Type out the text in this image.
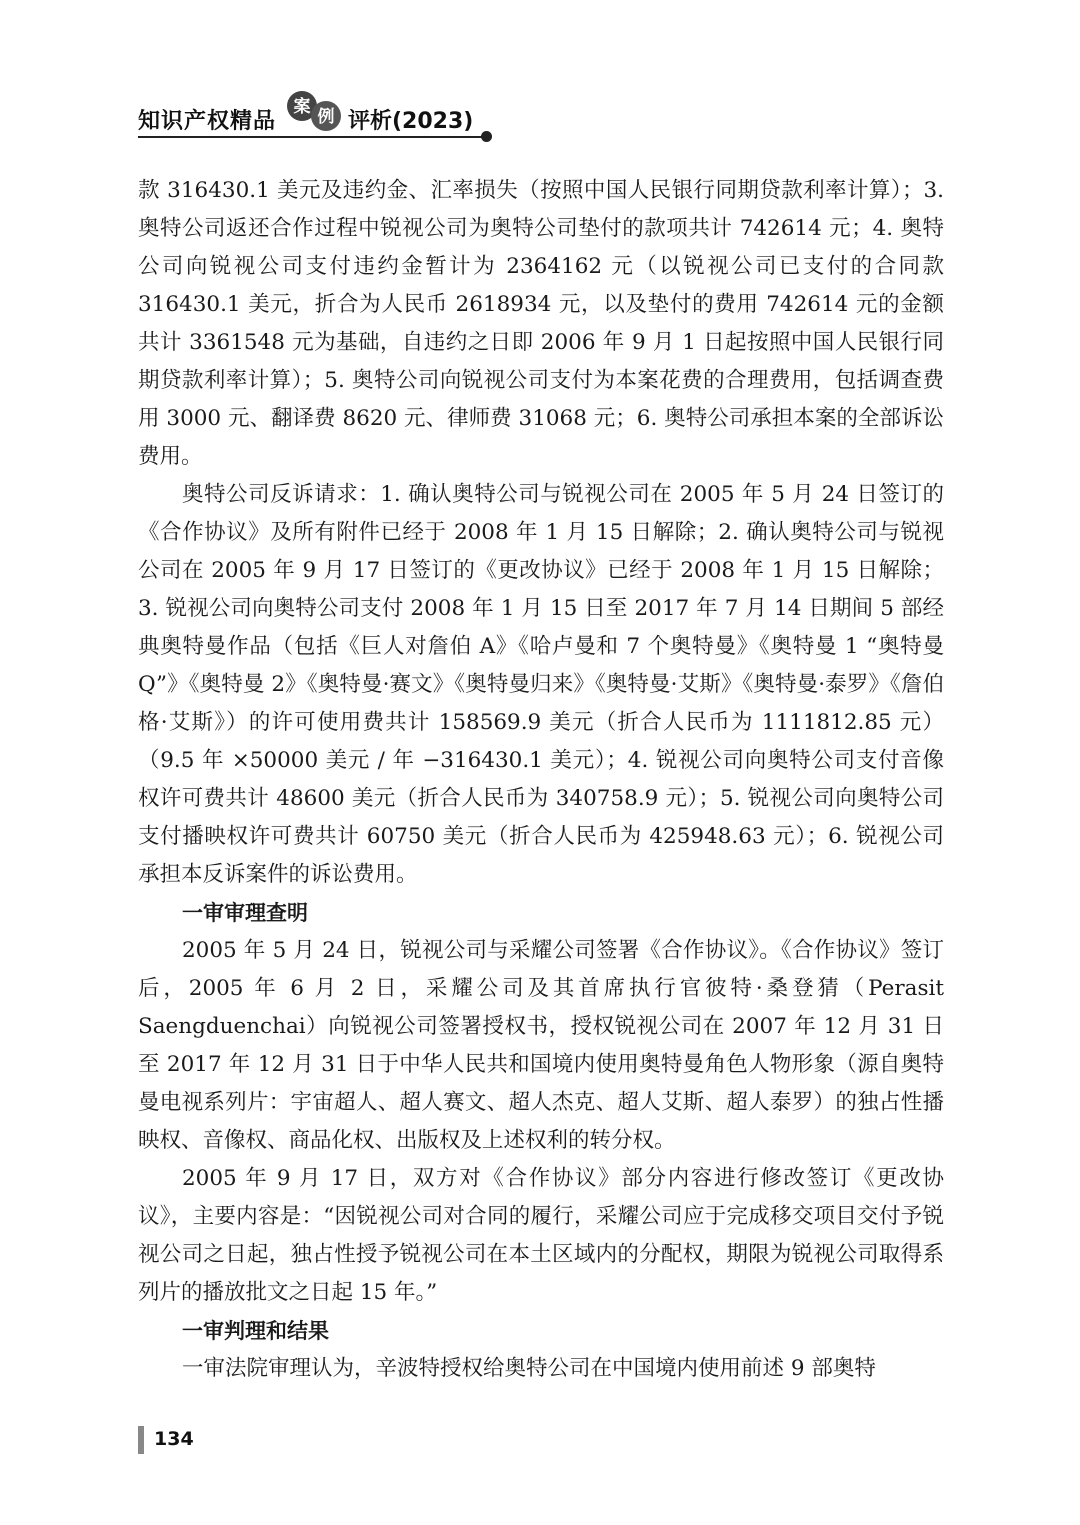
知识产权精品
案 例 评析(2023)

款 316430.1 美元及违约金、汇率损失（按照中国人民银行同期贷款利率计算）；3. 奥特公司返还合作过程中锐视公司为奥特公司垫付的款项共计 742614 元；4. 奥特公司向锐视公司支付违约金暂计为 2364162 元（以锐视公司已支付的合同款 316430.1 美元，折合为人民币 2618934 元，以及垫付的费用 742614 元的金额共计 3361548 元为基础，自违约之日即 2006 年 9 月 1 日起按照中国人民银行同期贷款利率计算）；5. 奥特公司向锐视公司支付为本案花费的合理费用，包括调查费用 3000 元、翻译费 8620 元、律师费 31068 元；6. 奥特公司承担本案的全部诉讼费用。

奥特公司反诉请求：1. 确认奥特公司与锐视公司在 2005 年 5 月 24 日签订的《合作协议》及所有附件已经于 2008 年 1 月 15 日解除；2. 确认奥特公司与锐视公司在 2005 年 9 月 17 日签订的《更改协议》已经于 2008 年 1 月 15 日解除；3. 锐视公司向奥特公司支付 2008 年 1 月 15 日至 2017 年 7 月 14 日期间 5 部经典奥特曼作品（包括《巨人对詹伯 A》《哈卢曼和 7 个奥特曼》《奥特曼 1 “奥特曼 Q”》《奥特曼 2》《奥特曼·赛文》《奥特曼归来》《奥特曼·艾斯》《奥特曼·泰罗》《詹伯格·艾斯》）的许可使用费共计 158569.9 美元（折合人民币为 1111812.85 元）（9.5 年 ×50000 美元 / 年 −316430.1 美元）；4. 锐视公司向奥特公司支付音像权许可费共计 48600 美元（折合人民币为 340758.9 元）；5. 锐视公司向奥特公司支付播映权许可费共计 60750 美元（折合人民币为 425948.63 元）；6. 锐视公司承担本反诉案件的诉讼费用。

一审审理查明

2005 年 5 月 24 日，锐视公司与采耀公司签署《合作协议》。《合作协议》签订后，2005 年 6 月 2 日，采耀公司及其首席执行官彼特·桑登猜（Perasit Saengduenchai）向锐视公司签署授权书，授权锐视公司在 2007 年 12 月 31 日至 2017 年 12 月 31 日于中华人民共和国境内使用奥特曼角色人物形象（源自奥特曼电视系列片：宇宙超人、超人赛文、超人杰克、超人艾斯、超人泰罗）的独占性播映权、音像权、商品化权、出版权及上述权利的转分权。

2005 年 9 月 17 日，双方对《合作协议》部分内容进行修改签订《更改协议》，主要内容是：“因锐视公司对合同的履行，采耀公司应于完成移交项目交付予锐视公司之日起，独占性授予锐视公司在本土区域内的分配权，期限为锐视公司取得系列片的播放批文之日起 15 年。”

一审判理和结果

一审法院审理认为，辛波特授权给奥特公司在中国境内使用前述 9 部奥特

134
